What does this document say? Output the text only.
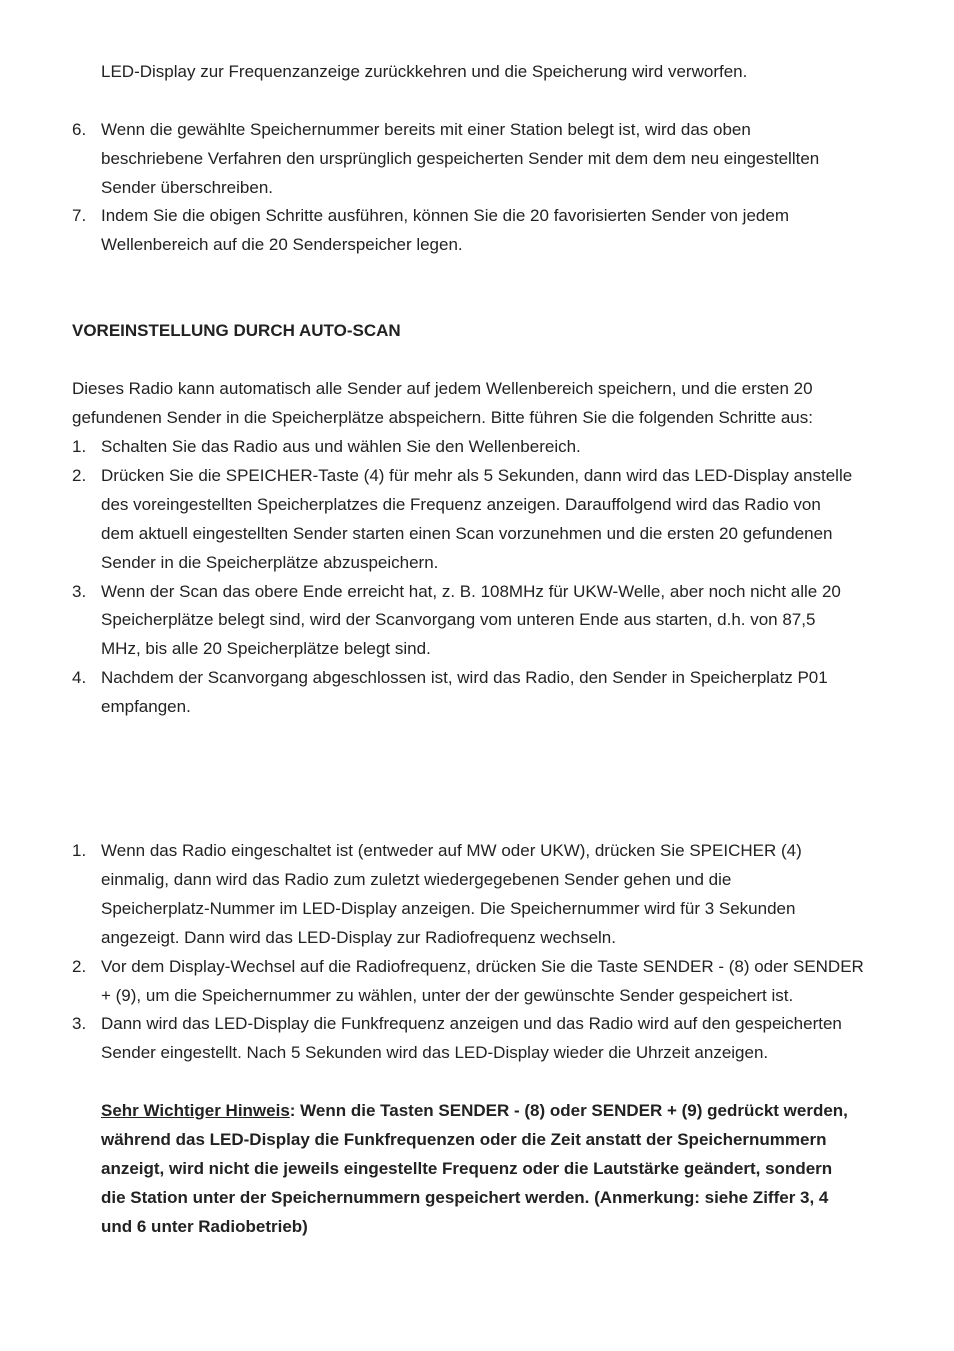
LED-Display zur Frequenzanzeige zurückkehren und die Speicherung wird verworfen.
6. Wenn die gewählte Speichernummer bereits mit einer Station belegt ist, wird das oben
beschriebene Verfahren den ursprünglich gespeicherten Sender mit dem dem neu eingestellten
Sender überschreiben.
7. Indem Sie die obigen Schritte ausführen, können Sie die 20 favorisierten Sender von jedem
Wellenbereich auf die 20 Senderspeicher legen.
VOREINSTELLUNG DURCH AUTO-SCAN
Dieses Radio kann automatisch alle Sender auf jedem Wellenbereich speichern, und die ersten 20
gefundenen Sender in die Speicherplätze abspeichern. Bitte führen Sie die folgenden Schritte aus:
1. Schalten Sie das Radio aus und wählen Sie den Wellenbereich.
2. Drücken Sie die SPEICHER-Taste (4) für mehr als 5 Sekunden, dann wird das LED-Display anstelle
des voreingestellten Speicherplatzes die Frequenz anzeigen. Darauffolgend wird das Radio von
dem aktuell eingestellten Sender starten einen Scan vorzunehmen und die ersten 20 gefundenen
Sender in die Speicherplätze abzuspeichern.
3. Wenn der Scan das obere Ende erreicht hat, z. B. 108MHz für UKW-Welle, aber noch nicht alle 20
Speicherplätze belegt sind, wird der Scanvorgang vom unteren Ende aus starten, d.h. von 87,5
MHz, bis alle 20 Speicherplätze belegt sind.
4. Nachdem der Scanvorgang abgeschlossen ist, wird das Radio, den Sender in Speicherplatz P01
empfangen.
1. Wenn das Radio eingeschaltet ist (entweder auf MW oder UKW), drücken Sie SPEICHER (4)
einmalig, dann wird das Radio zum zuletzt wiedergegebenen Sender gehen und die
Speicherplatz-Nummer im LED-Display anzeigen. Die Speichernummer wird für 3 Sekunden
angezeigt. Dann wird das LED-Display zur Radiofrequenz wechseln.
2. Vor dem Display-Wechsel auf die Radiofrequenz, drücken Sie die Taste SENDER - (8) oder SENDER
+ (9), um die Speichernummer zu wählen, unter der der gewünschte Sender gespeichert ist.
3. Dann wird das LED-Display die Funkfrequenz anzeigen und das Radio wird auf den gespeicherten
Sender eingestellt. Nach 5 Sekunden wird das LED-Display wieder die Uhrzeit anzeigen.
Sehr Wichtiger Hinweis: Wenn die Tasten SENDER - (8) oder SENDER + (9) gedrückt werden,
während das LED-Display die Funkfrequenzen oder die Zeit anstatt der Speichernummern
anzeigt, wird nicht die jeweils eingestellte Frequenz oder die Lautstärke geändert, sondern
die Station unter der Speichernummern gespeichert werden. (Anmerkung: siehe Ziffer 3, 4
und 6 unter Radiobetrieb)
